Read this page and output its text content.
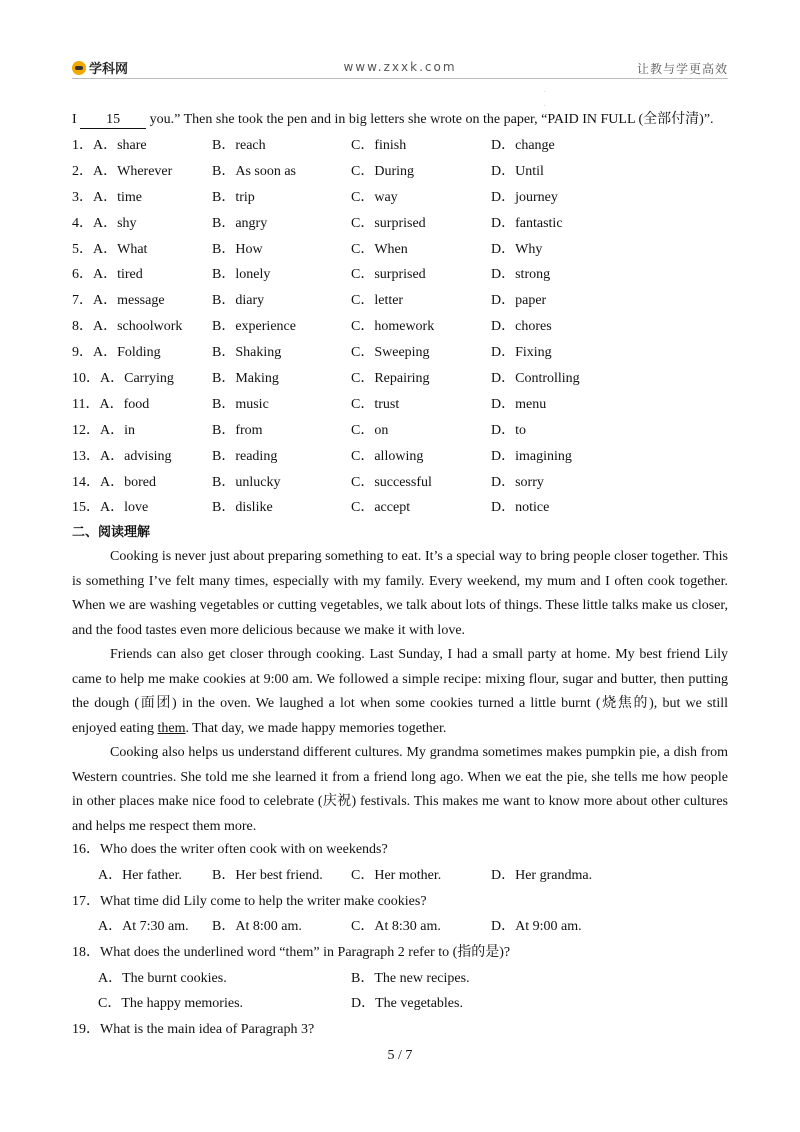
学科网	www.zxxk.com	让教与学更高效
.
.
I 15 you.” Then she took the pen and in big letters she wrote on the paper, “PAID IN FULL (全部付清)”.
1．A．share	B．reach	C．finish	D．change
2．A．Wherever	B．As soon as	C．During	D．Until
3．A．time	B．trip	C．way	D．journey
4．A．shy	B．angry	C．surprised	D．fantastic
5．A．What	B．How	C．When	D．Why
6．A．tired	B．lonely	C．surprised	D．strong
7．A．message	B．diary	C．letter	D．paper
8．A．schoolwork B．experience	C．homework	D．chores
9．A．Folding	B．Shaking	C．Sweeping	D．Fixing
10．A．Carrying	B．Making	C．Repairing	D．Controlling
11．A．food	B．music	C．trust	D．menu
12．A．in	B．from	C．on	D．to
13．A．advising	B．reading	C．allowing	D．imagining
14．A．bored	B．unlucky	C．successful	D．sorry
15．A．love	B．dislike	C．accept	D．notice
二、阅读理解

Cooking is never just about preparing something to eat. It’s a special way to bring people closer together. This is something I’ve felt many times, especially with my family. Every weekend, my mum and I often cook together. When we are washing vegetables or cutting vegetables, we talk about lots of things. These little talks make us closer, and the food tastes even more delicious because we make it with love.

Friends can also get closer through cooking. Last Sunday, I had a small party at home. My best friend Lily came to help me make cookies at 9:00 am. We followed a simple recipe: mixing flour, sugar and butter, then putting the dough (面团) in the oven. We laughed a lot when some cookies turned a little burnt (烧焦的), but we still enjoyed eating them. That day, we made happy memories together.

Cooking also helps us understand different cultures. My grandma sometimes makes pumpkin pie, a dish from Western countries. She told me she learned it from a friend long ago. When we eat the pie, she tells me how people in other places make nice food to celebrate (庆祝) festivals. This makes me want to know more about other cultures and helps me respect them more.

16．Who does the writer often cook with on weekends?
A．Her father. B．Her best friend. C．Her mother.	D．Her grandma.
17．What time did Lily come to help the writer make cookies?
A．At 7:30 am. B．At 8:00 am.	C．At 8:30 am.	D．At 9:00 am.
18．What does the underlined word “them” in Paragraph 2 refer to (指的是)?
A．The burnt cookies.	B．The new recipes.
C．The happy memories.	D．The vegetables.
19．What is the main idea of Paragraph 3?
5 / 7
